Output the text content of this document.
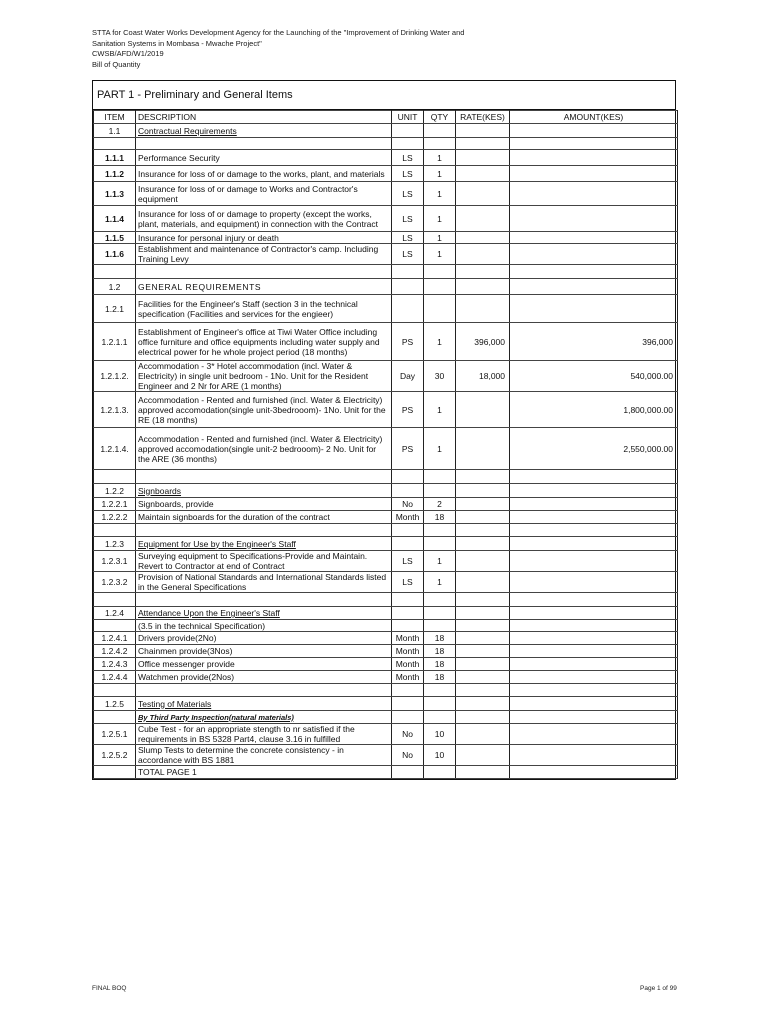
STTA for Coast Water Works Development Agency for the Launching of the "Improvement of Drinking Water and
Sanitation Systems in Mombasa - Mwache Project"
CWSB/AFD/W1/2019
Bill of Quantity
PART 1 - Preliminary and General Items
ITEM	DESCRIPTION	UNIT	QTY	RATE(KES)	AMOUNT(KES)
1.1	Contractual Requirements				

1.1.1	Performance Security	LS	1		
1.1.2	Insurance for loss of or damage to the works, plant, and materials	LS	1		
1.1.3	Insurance for loss of or damage to Works and Contractor's equipment	LS	1		
1.1.4	Insurance for loss of or damage to property (except the works, plant, materials, and equipment) in connection with the Contract	LS	1		
1.1.5	Insurance for personal injury or death	LS	1		
1.1.6	Establishment and maintenance of Contractor's camp. Including Training Levy	LS	1		

1.2	GENERAL REQUIREMENTS				
1.2.1	Facilities for the Engineer's Staff (section 3 in the technical specification (Facilities and services for the engieer)				
1.2.1.1	Establishment of Engineer's office at Tiwi Water Office including office furniture and office equipments including water supply and electrical power for he whole project period (18 months)	PS	1	396,000	396,000
1.2.1.2.	Accommodation - 3* Hotel accommodation (incl. Water & Electricity) in single unit bedroom - 1No. Unit for the Resident Engineer and 2 Nr for ARE (1 months)	Day	30	18,000	540,000.00
1.2.1.3.	Accommodation - Rented and furnished (incl. Water & Electricity) approved accomodation(single unit-3bedrooom)- 1No. Unit for the RE (18 months)	PS	1		1,800,000.00
1.2.1.4.	Accommodation - Rented and furnished (incl. Water & Electricity) approved accomodation(single unit-2 bedrooom)- 2 No. Unit for the ARE (36 months)	PS	1		2,550,000.00

1.2.2	Signboards				
1.2.2.1	Signboards, provide	No	2		
1.2.2.2	Maintain signboards for the duration of the contract	Month	18		

1.2.3	Equipment for Use by the Engineer's Staff				
1.2.3.1	Surveying equipment to Specifications-Provide and Maintain. Revert to Contractor at end of Contract	LS	1		
1.2.3.2	Provision of National Standards and International Standards listed in the General Specifications	LS	1		

1.2.4	Attendance Upon the Engineer's Staff				
	(3.5 in the technical Specification)				
1.2.4.1	Drivers provide(2No)	Month	18		
1.2.4.2	Chainmen provide(3Nos)	Month	18		
1.2.4.3	Office messenger provide	Month	18		
1.2.4.4	Watchmen provide(2Nos)	Month	18		

1.2.5	Testing of Materials				
	By Third Party Inspection(natural materials)				
1.2.5.1	Cube Test - for an appropriate stength to nr satisfied if the requirements in BS 5328 Part4, clause 3.16 in fulfilled	No	10		
1.2.5.2	Slump Tests to determine the concrete consistency - in accordance with BS 1881	No	10		
	TOTAL PAGE 1				
FINAL BOQ	Page 1 of 99
